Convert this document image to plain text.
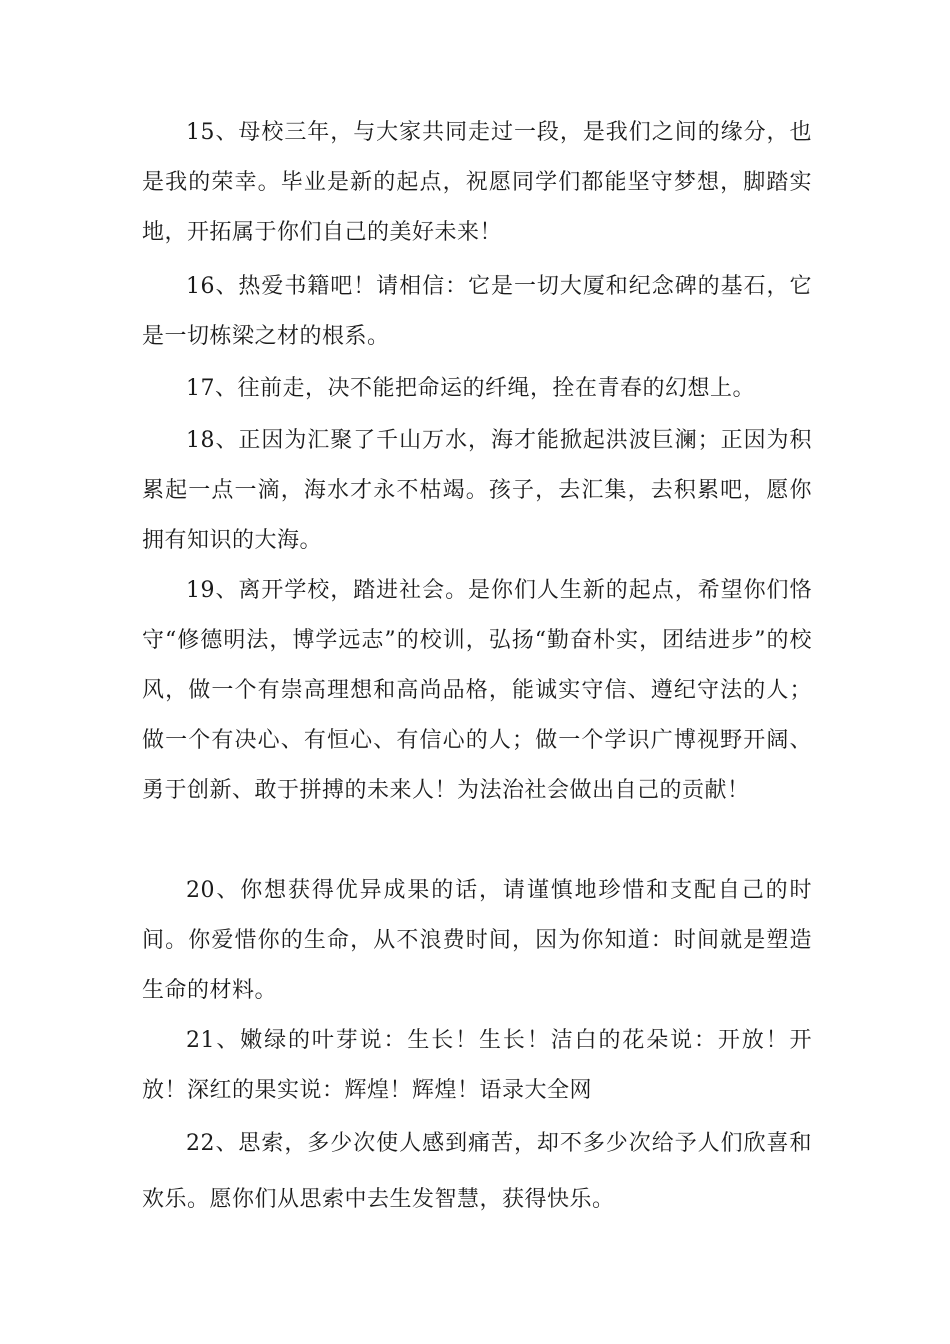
15、母校三年，与大家共同走过一段，是我们之间的缘分，也是我的荣幸。毕业是新的起点，祝愿同学们都能坚守梦想，脚踏实地，开拓属于你们自己的美好未来！

16、热爱书籍吧！请相信：它是一切大厦和纪念碑的基石，它是一切栋梁之材的根系。

17、往前走，决不能把命运的纤绳，拴在青春的幻想上。

18、正因为汇聚了千山万水，海才能掀起洪波巨澜；正因为积累起一点一滴，海水才永不枯竭。孩子，去汇集，去积累吧，愿你拥有知识的大海。

19、离开学校，踏进社会。是你们人生新的起点，希望你们恪守“修德明法，博学远志”的校训，弘扬“勤奋朴实，团结进步”的校风，做一个有崇高理想和高尚品格，能诚实守信、遵纪守法的人；做一个有决心、有恒心、有信心的人；做一个学识广博视野开阔、勇于创新、敢于拼搏的未来人！为法治社会做出自己的贡献！

20、你想获得优异成果的话，请谨慎地珍惜和支配自己的时间。你爱惜你的生命，从不浪费时间，因为你知道：时间就是塑造生命的材料。

21、嫩绿的叶芽说：生长！生长！洁白的花朵说：开放！开放！深红的果实说：辉煌！辉煌！语录大全网

22、思索，多少次使人感到痛苦，却不多少次给予人们欣喜和欢乐。愿你们从思索中去生发智慧，获得快乐。
